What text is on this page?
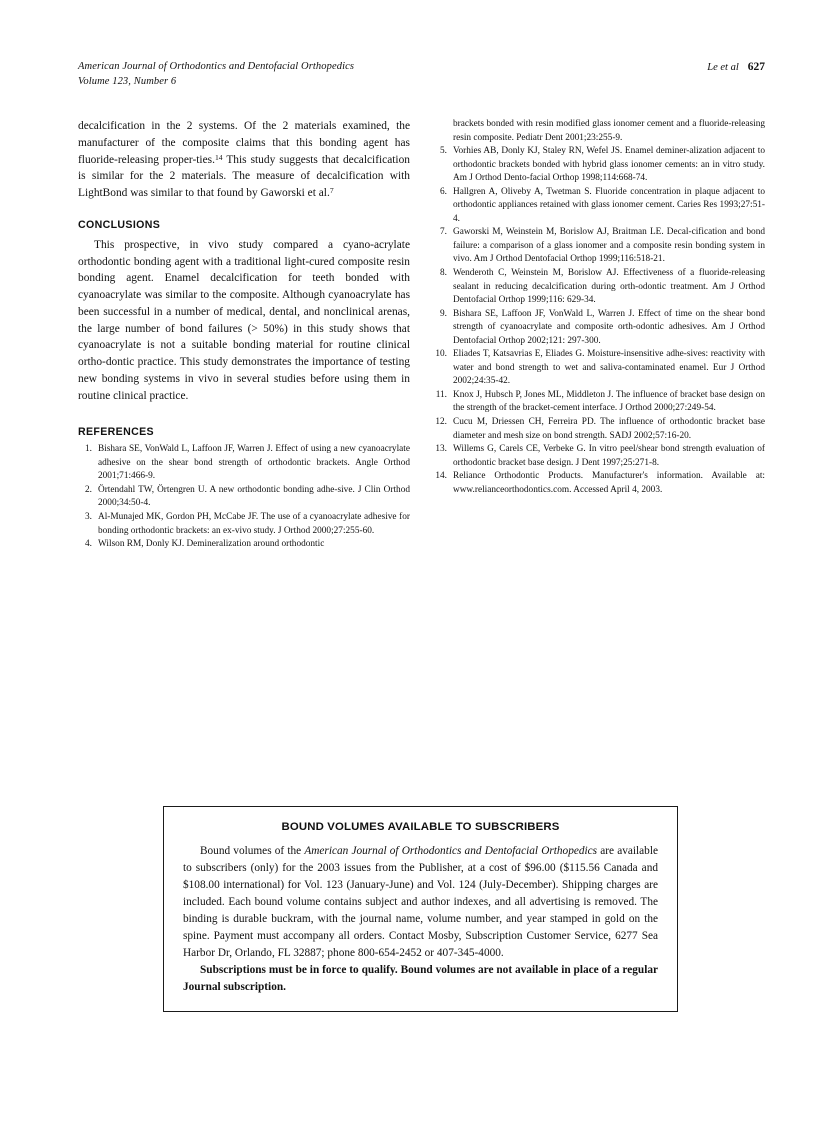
American Journal of Orthodontics and Dentofacial Orthopedics
Volume 123, Number 6
Le et al 627

decalcification in the 2 systems. Of the 2 materials examined, the manufacturer of the composite claims that this bonding agent has fluoride-releasing proper-ties.$^{14}$ This study suggests that decalcification is similar for the 2 materials. The measure of decalcification with LightBond was similar to that found by Gaworski et al.$^7$

CONCLUSIONS

This prospective, in vivo study compared a cyano-acrylate orthodontic bonding agent with a traditional light-cured composite resin bonding agent. Enamel decalcification for teeth bonded with cyanoacrylate was similar to the composite. Although cyanoacrylate has been successful in a number of medical, dental, and nonclinical arenas, the large number of bond failures (> 50%) in this study shows that cyanoacrylate is not a suitable bonding material for routine clinical ortho-dontic practice. This study demonstrates the importance of testing new bonding systems in vivo in several studies before using them in routine clinical practice.

REFERENCES
1. Bishara SE, VonWald L, Laffoon JF, Warren J. Effect of using a new cyanoacrylate adhesive on the shear bond strength of orthodontic brackets. Angle Orthod 2001;71:466-9.
2. Örtendahl TW, Örtengren U. A new orthodontic bonding adhe-sive. J Clin Orthod 2000;34:50-4.
3. Al-Munajed MK, Gordon PH, McCabe JF. The use of a cyanoacrylate adhesive for bonding orthodontic brackets: an ex-vivo study. J Orthod 2000;27:255-60.
4. Wilson RM, Donly KJ. Demineralization around orthodontic
brackets bonded with resin modified glass ionomer cement and a fluoride-releasing resin composite. Pediatr Dent 2001;23:255-9.
5. Vorhies AB, Donly KJ, Staley RN, Wefel JS. Enamel deminer-alization adjacent to orthodontic brackets bonded with hybrid glass ionomer cements: an in vitro study. Am J Orthod Dento-facial Orthop 1998;114:668-74.
6. Hallgren A, Oliveby A, Twetman S. Fluoride concentration in plaque adjacent to orthodontic appliances retained with glass ionomer cement. Caries Res 1993;27:51-4.
7. Gaworski M, Weinstein M, Borislow AJ, Braitman LE. Decal-cification and bond failure: a comparison of a glass ionomer and a composite resin bonding system in vivo. Am J Orthod Dentofacial Orthop 1999;116:518-21.
8. Wenderoth C, Weinstein M, Borislow AJ. Effectiveness of a fluoride-releasing sealant in reducing decalcification during orth-odontic treatment. Am J Orthod Dentofacial Orthop 1999;116: 629-34.
9. Bishara SE, Laffoon JF, VonWald L, Warren J. Effect of time on the shear bond strength of cyanoacrylate and composite orth-odontic adhesives. Am J Orthod Dentofacial Orthop 2002;121: 297-300.
10. Eliades T, Katsavrias E, Eliades G. Moisture-insensitive adhe-sives: reactivity with water and bond strength to wet and saliva-contaminated enamel. Eur J Orthod 2002;24:35-42.
11. Knox J, Hubsch P, Jones ML, Middleton J. The influence of bracket base design on the strength of the bracket-cement interface. J Orthod 2000;27:249-54.
12. Cucu M, Driessen CH, Ferreira PD. The influence of orthodontic bracket base diameter and mesh size on bond strength. SADJ 2002;57:16-20.
13. Willems G, Carels CE, Verbeke G. In vitro peel/shear bond strength evaluation of orthodontic bracket base design. J Dent 1997;25:271-8.
14. Reliance Orthodontic Products. Manufacturer's information. Available at: www.relianceorthodontics.com. Accessed April 4, 2003.
BOUND VOLUMES AVAILABLE TO SUBSCRIBERS

Bound volumes of the American Journal of Orthodontics and Dentofacial Orthopedics are available to subscribers (only) for the 2003 issues from the Publisher, at a cost of $96.00 ($115.56 Canada and $108.00 international) for Vol. 123 (January-June) and Vol. 124 (July-December). Shipping charges are included. Each bound volume contains subject and author indexes, and all advertising is removed. The binding is durable buckram, with the journal name, volume number, and year stamped in gold on the spine. Payment must accompany all orders. Contact Mosby, Subscription Customer Service, 6277 Sea Harbor Dr, Orlando, FL 32887; phone 800-654-2452 or 407-345-4000.

Subscriptions must be in force to qualify. Bound volumes are not available in place of a regular Journal subscription.
